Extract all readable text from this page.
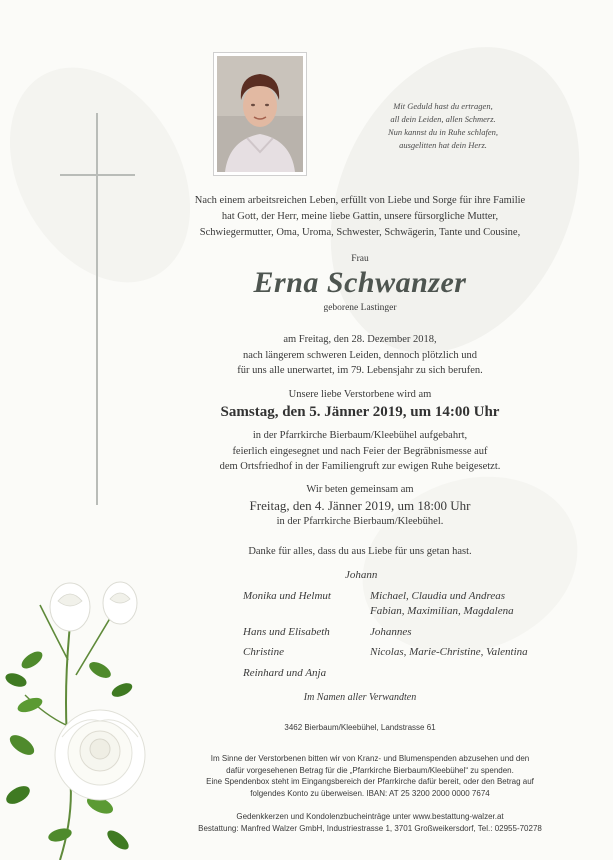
Mit Geduld hast du ertragen,
all dein Leiden, allen Schmerz.
Nun kannst du in Ruhe schlafen,
ausgelitten hat dein Herz.
Nach einem arbeitsreichen Leben, erfüllt von Liebe und Sorge für ihre Familie
hat Gott, der Herr, meine liebe Gattin, unsere fürsorgliche Mutter,
Schwiegermutter, Oma, Uroma, Schwester, Schwägerin, Tante und Cousine,
Frau
Erna Schwanzer
geborene Lastinger
am Freitag, den 28. Dezember 2018,
nach längerem schweren Leiden, dennoch plötzlich und
für uns alle unerwartet, im 79. Lebensjahr zu sich berufen.
Unsere liebe Verstorbene wird am
Samstag, den 5. Jänner 2019, um 14:00 Uhr
in der Pfarrkirche Bierbaum/Kleebühel aufgebahrt,
feierlich eingesegnet und nach Feier der Begräbnismesse auf
dem Ortsfriedhof in der Familiengruft zur ewigen Ruhe beigesetzt.
Wir beten gemeinsam am
Freitag, den 4. Jänner 2019, um 18:00 Uhr
in der Pfarrkirche Bierbaum/Kleebühel.
Danke für alles, dass du aus Liebe für uns getan hast.
Johann
Monika und Helmut	Michael, Claudia und Andreas
Fabian, Maximilian, Magdalena
Hans und Elisabeth	Johannes
Christine	Nicolas, Marie-Christine, Valentina
Reinhard und Anja
Im Namen aller Verwandten
3462 Bierbaum/Kleebühel, Landstrasse 61
Im Sinne der Verstorbenen bitten wir von Kranz- und Blumenspenden abzusehen und den
dafür vorgesehenen Betrag für die „Pfarrkirche Bierbaum/Kleebühel“ zu spenden.
Eine Spendenbox steht im Eingangsbereich der Pfarrkirche dafür bereit, oder den Betrag auf
folgendes Konto zu überweisen. IBAN: AT 25 3200 2000 0000 7674
Gedenkkerzen und Kondolenzbucheinträge unter www.bestattung-walzer.at
Bestattung: Manfred Walzer GmbH, Industriestrasse 1, 3701 Großweikersdorf, Tel.: 02955-70278
